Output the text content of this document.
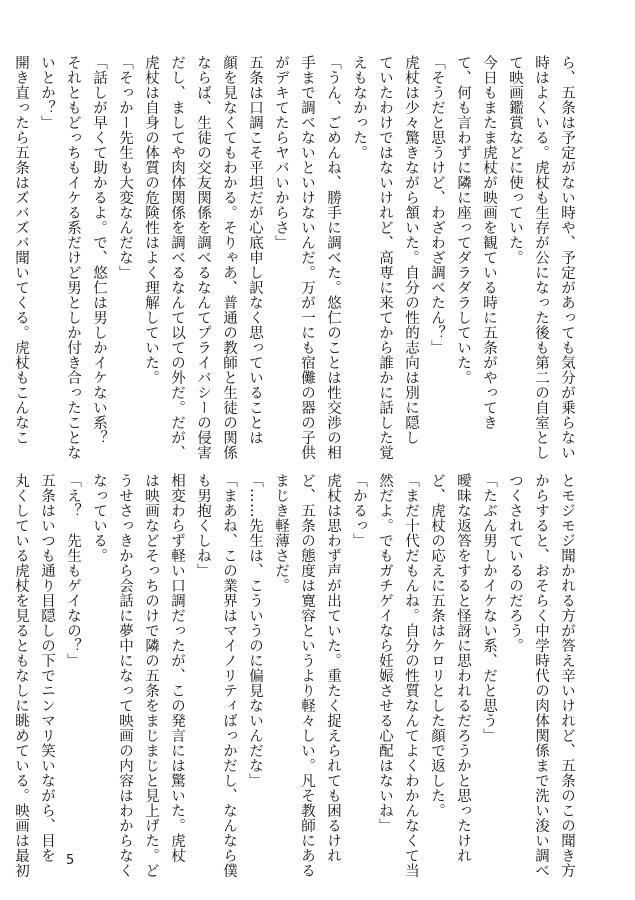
ら、五条は予定がない時や、予定があっても気分が乗らない
時はよくいる。虎杖も生存が公になった後も第二の自室とし
て映画鑑賞などに使っていた。
今日もまたま虎杖が映画を観ている時に五条がやってき
て、何も言わずに隣に座ってダラダラしていた。
「そうだと思うけど、わざわざ調べたん？」
虎杖は少々驚きながら頷いた。自分の性的志向は別に隠し
ていたわけではないけれど、高専に来てから誰かに話した覚
えもなかった。
「うん、ごめんね、勝手に調べた。悠仁のことは性交渉の相
手まで調べないといけないんだ。万が一にも宿儺の器の子供
がデキてたらヤバいからさ」
五条は口調こそ平坦だが心底申し訳なく思っていることは
顔を見なくてもわかる。そりゃあ、普通の教師と生徒の関係
ならば、生徒の交友関係を調べるなんてプライバシーの侵害
だし、ましてや肉体関係を調べるなんて以ての外だ。だが、
虎杖は自身の体質の危険性はよく理解していた。
「そっかー先生も大変なんだな」
「話しが早くて助かるよ。で、悠仁は男しかイケない系？
それともどっちもイケる系だけど男としか付き合ったことな
いとか？」
開き直ったら五条はズバズバ聞いてくる。虎杖もこんなこ
とモジモジ聞かれる方が答え辛いけれど、五条のこの聞き方
からすると、おそらく中学時代の肉体関係まで洗い浚い調べ
つくされているのだろう。
「たぶん男しかイケない系、だと思う」
曖昧な返答をすると怪訝に思われるだろうかと思ったけれ
ど、虎杖の応えに五条はケロリとした顔で返した。
「まだ十代だもんね。自分の性質なんてよくわかんなくて当
然だよ。でもガチゲイなら妊娠させる心配はないね」
「かるっ」
虎杖は思わず声が出ていた。重たく捉えられても困るけれ
ど、五条の態度は寛容というより軽々しい。凡そ教師にある
まじき軽薄さだ。
「……先生は、こういうのに偏見ないんだな」
「まあね、この業界はマイノリティばっかだし、なんなら僕
も男抱くしね」
相変わらず軽い口調だったが、この発言には驚いた。虎杖
は映画などそっちのけで隣の五条をまじまじと見上げた。ど
うせさっきから会話に夢中になって映画の内容はわからなく
なっている。
「え？　先生もゲイなの？」
五条はいつも通り目隠しの下でニンマリ笑いながら、目を
丸くしている虎杖を見るともなしに眺めている。映画は最初	5
